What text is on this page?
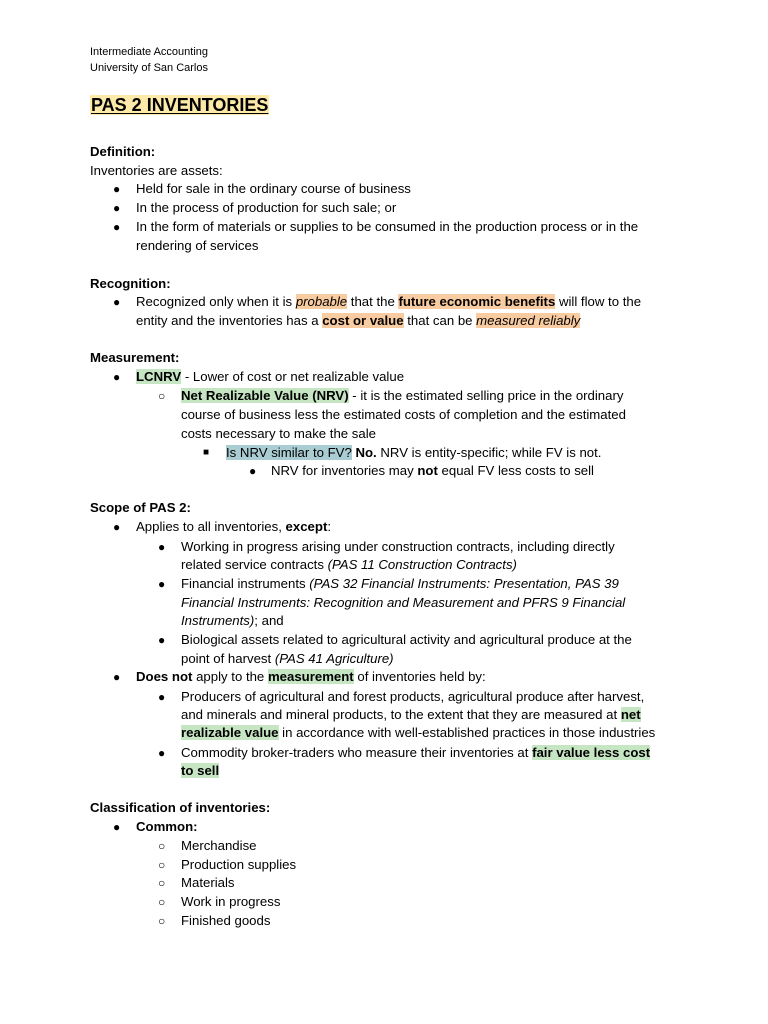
Intermediate Accounting
University of San Carlos
PAS 2 INVENTORIES
Definition:
Inventories are assets:
● Held for sale in the ordinary course of business
● In the process of production for such sale; or
● In the form of materials or supplies to be consumed in the production process or in the
rendering of services
Recognition:
● Recognized only when it is probable that the future economic benefits will flow to the
entity and the inventories has a cost or value that can be measured reliably
Measurement:
● LCNRV - Lower of cost or net realizable value
○ Net Realizable Value (NRV) - it is the estimated selling price in the ordinary
course of business less the estimated costs of completion and the estimated
costs necessary to make the sale
■ Is NRV similar to FV? No. NRV is entity-specific; while FV is not.
● NRV for inventories may not equal FV less costs to sell
Scope of PAS 2:
● Applies to all inventories, except:
● Working in progress arising under construction contracts, including directly
related service contracts (PAS 11 Construction Contracts)
● Financial instruments (PAS 32 Financial Instruments: Presentation, PAS 39
Financial Instruments: Recognition and Measurement and PFRS 9 Financial
Instruments); and
● Biological assets related to agricultural activity and agricultural produce at the
point of harvest (PAS 41 Agriculture)
● Does not apply to the measurement of inventories held by:
● Producers of agricultural and forest products, agricultural produce after harvest,
and minerals and mineral products, to the extent that they are measured at net
realizable value in accordance with well-established practices in those industries
● Commodity broker-traders who measure their inventories at fair value less cost
to sell
Classification of inventories:
● Common:
○ Merchandise
○ Production supplies
○ Materials
○ Work in progress
○ Finished goods
